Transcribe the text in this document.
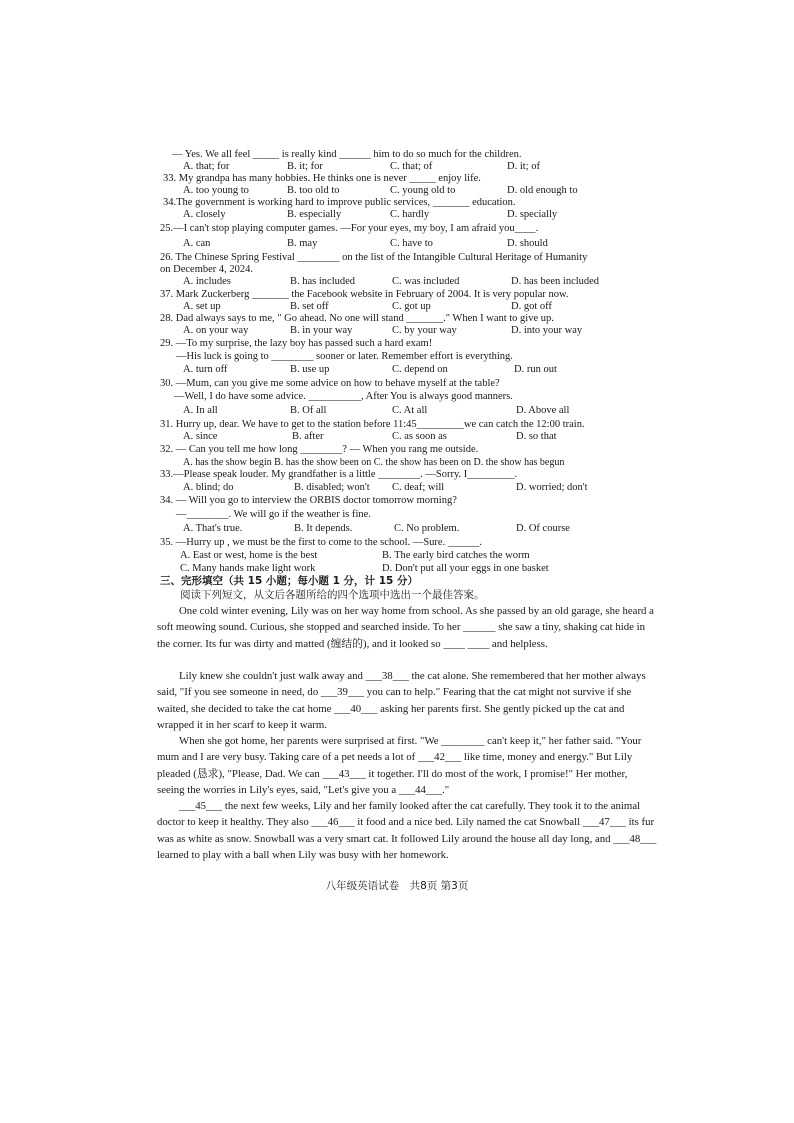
— Yes. We all feel _____ is really kind ______ him to do so much for the children.
A. that; for	B. it; for	C. that; of	D. it; of
33. My grandpa has many hobbies. He thinks one is never _____ enjoy life.
A. too young to	B. too old to	C. young old to	D. old enough to
34.The government is working hard to improve public services, _______ education.
A. closely	B. especially	C. hardly	D. specially
25.—I can't stop playing computer games. —For your eyes, my boy, I am afraid you____.
A. can	B. may	C. have to	D. should
26. The Chinese Spring Festival ________ on the list of the Intangible Cultural Heritage of Humanity
on December 4, 2024.
A. includes	B. has included	C. was included	D. has been included
37. Mark Zuckerberg _______ the Facebook website in February of 2004. It is very popular now.
A. set up	B. set off	C. got up	D. got off
28. Dad always says to me, " Go ahead. No one will stand _______." When I want to give up.
A. on your way	B. in your way	C. by your way	D. into your way
29. —To my surprise, the lazy boy has passed such a hard exam!
—His luck is going to ________ sooner or later. Remember effort is everything.
A. turn off	B. use up	C. depend on	D. run out
30. —Mum, can you give me some advice on how to behave myself at the table?
—Well, I do have some advice. __________, After You is always good manners.
A. In all	B. Of all	C. At all	D. Above all
31. Hurry up, dear. We have to get to the station before 11:45_________we can catch the 12:00 train.
A. since	B. after	C. as soon as	D. so that
32. — Can you tell me how long ________? — When you rang me outside.
A. has the show begin B. has the show been on C. the show has been on D. the show has begun
33.—Please speak louder. My grandfather is a little ________. —Sorry. I_________.
A. blind; do	B. disabled; won't C. deaf; will	D. worried; don't
34. — Will you go to interview the ORBIS doctor tomorrow morning?
—________. We will go if the weather is fine.
A. That's true.	B. It depends.	C. No problem.	D. Of course
35. —Hurry up , we must be the first to come to the school. —Sure. ______.
A. East or west, home is the best	B. The early bird catches the worm
C. Many hands make light work	D. Don't put all your eggs in one basket
三、完形填空（共 15 小题；每小题 1 分，计 15 分）
阅读下列短文，从文后各题所给的四个选项中选出一个最佳答案。
One cold winter evening, Lily was on her way home from school. As she passed by an old garage, she heard a soft meowing sound. Curious, she stopped and searched inside. To her ______ she saw a tiny, shaking cat hide in the corner. Its fur was dirty and matted (缠结的), and it looked so ____ ____ and helpless.
Lily knew she couldn't just walk away and ___38___ the cat alone. She remembered that her mother always said, "If you see someone in need, do ___39___ you can to help." Fearing that the cat might not survive if she waited, she decided to take the cat home ___40___ asking her parents first. She gently picked up the cat and wrapped it in her scarf to keep it warm.
When she got home, her parents were surprised at first. "We ________ can't keep it," her father said. "Your mum and I are very busy. Taking care of a pet needs a lot of ___42___ like time, money and energy." But Lily pleaded (恳求), "Please, Dad. We can ___43___ it together. I'll do most of the work, I promise!" Her mother, seeing the worries in Lily's eyes, said, "Let's give you a ___44___."
___45___ the next few weeks, Lily and her family looked after the cat carefully. They took it to the animal doctor to keep it healthy. They also ___46___ it food and a nice bed. Lily named the cat Snowball ___47___ its fur was as white as snow. Snowball was a very smart cat. It followed Lily around the house all day long, and ___48___ learned to play with a ball when Lily was busy with her homework.
八年级英语试卷　共8页 第3页
